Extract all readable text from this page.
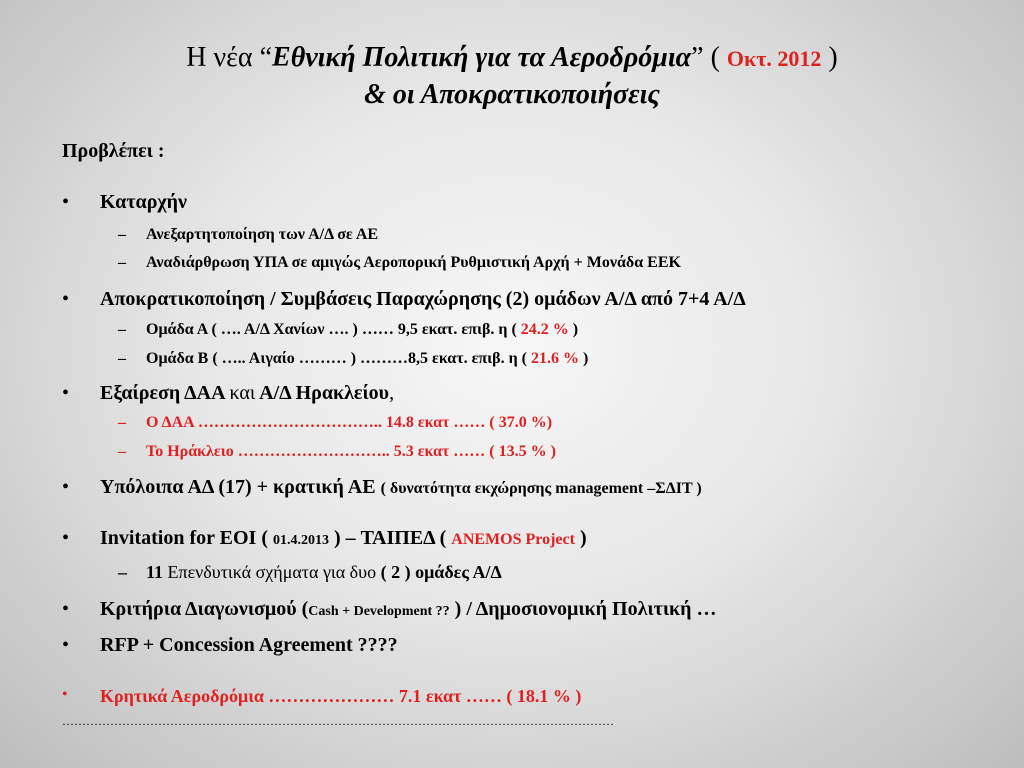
Η νέα “Εθνική Πολιτική για τα Αεροδρόμια” ( Οκτ. 2012 )
& οι Αποκρατικοποιήσεις
Προβλέπει :
• Καταρχήν
– Ανεξαρτητοποίηση των Α/Δ σε ΑΕ
– Αναδιάρθρωση ΥΠΑ σε αμιγώς Αεροπορική Ρυθμιστική Αρχή + Μονάδα ΕΕΚ
• Αποκρατικοποίηση / Συμβάσεις Παραχώρησης (2) ομάδων Α/Δ από 7+4 Α/Δ
– Ομάδα Α ( …. Α/Δ Χανίων …. ) …… 9,5 εκατ. επιβ. η ( 24.2 % )
– Ομάδα Β ( ….. Αιγαίο ……… ) ………8,5 εκατ. επιβ. η ( 21.6 % )
• Εξαίρεση ΔΑΑ και Α/Δ Ηρακλείου,
– Ο ΔΑΑ …………………………….. 14.8 εκατ …… ( 37.0 %)
– Το Ηράκλειο ……………………….. 5.3 εκατ …… ( 13.5 % )
• Υπόλοιπα ΑΔ (17) + κρατική ΑΕ ( δυνατότητα εκχώρησης management –ΣΔΙΤ )
• Invitation for EOI ( 01.4.2013 ) – ΤΑΙΠΕΔ ( ANEMOS Project )
– 11 Επενδυτικά σχήματα για δυο ( 2 ) ομάδες Α/Δ
• Κριτήρια Διαγωνισμού (Cash + Development ?? ) / Δημοσιονομική Πολιτική …
• RFP + Concession Agreement ????
• Κρητικά Αεροδρόμια ………………… 7.1 εκατ …… ( 18.1 % )
…………………………………………………………………………………………………………………………
